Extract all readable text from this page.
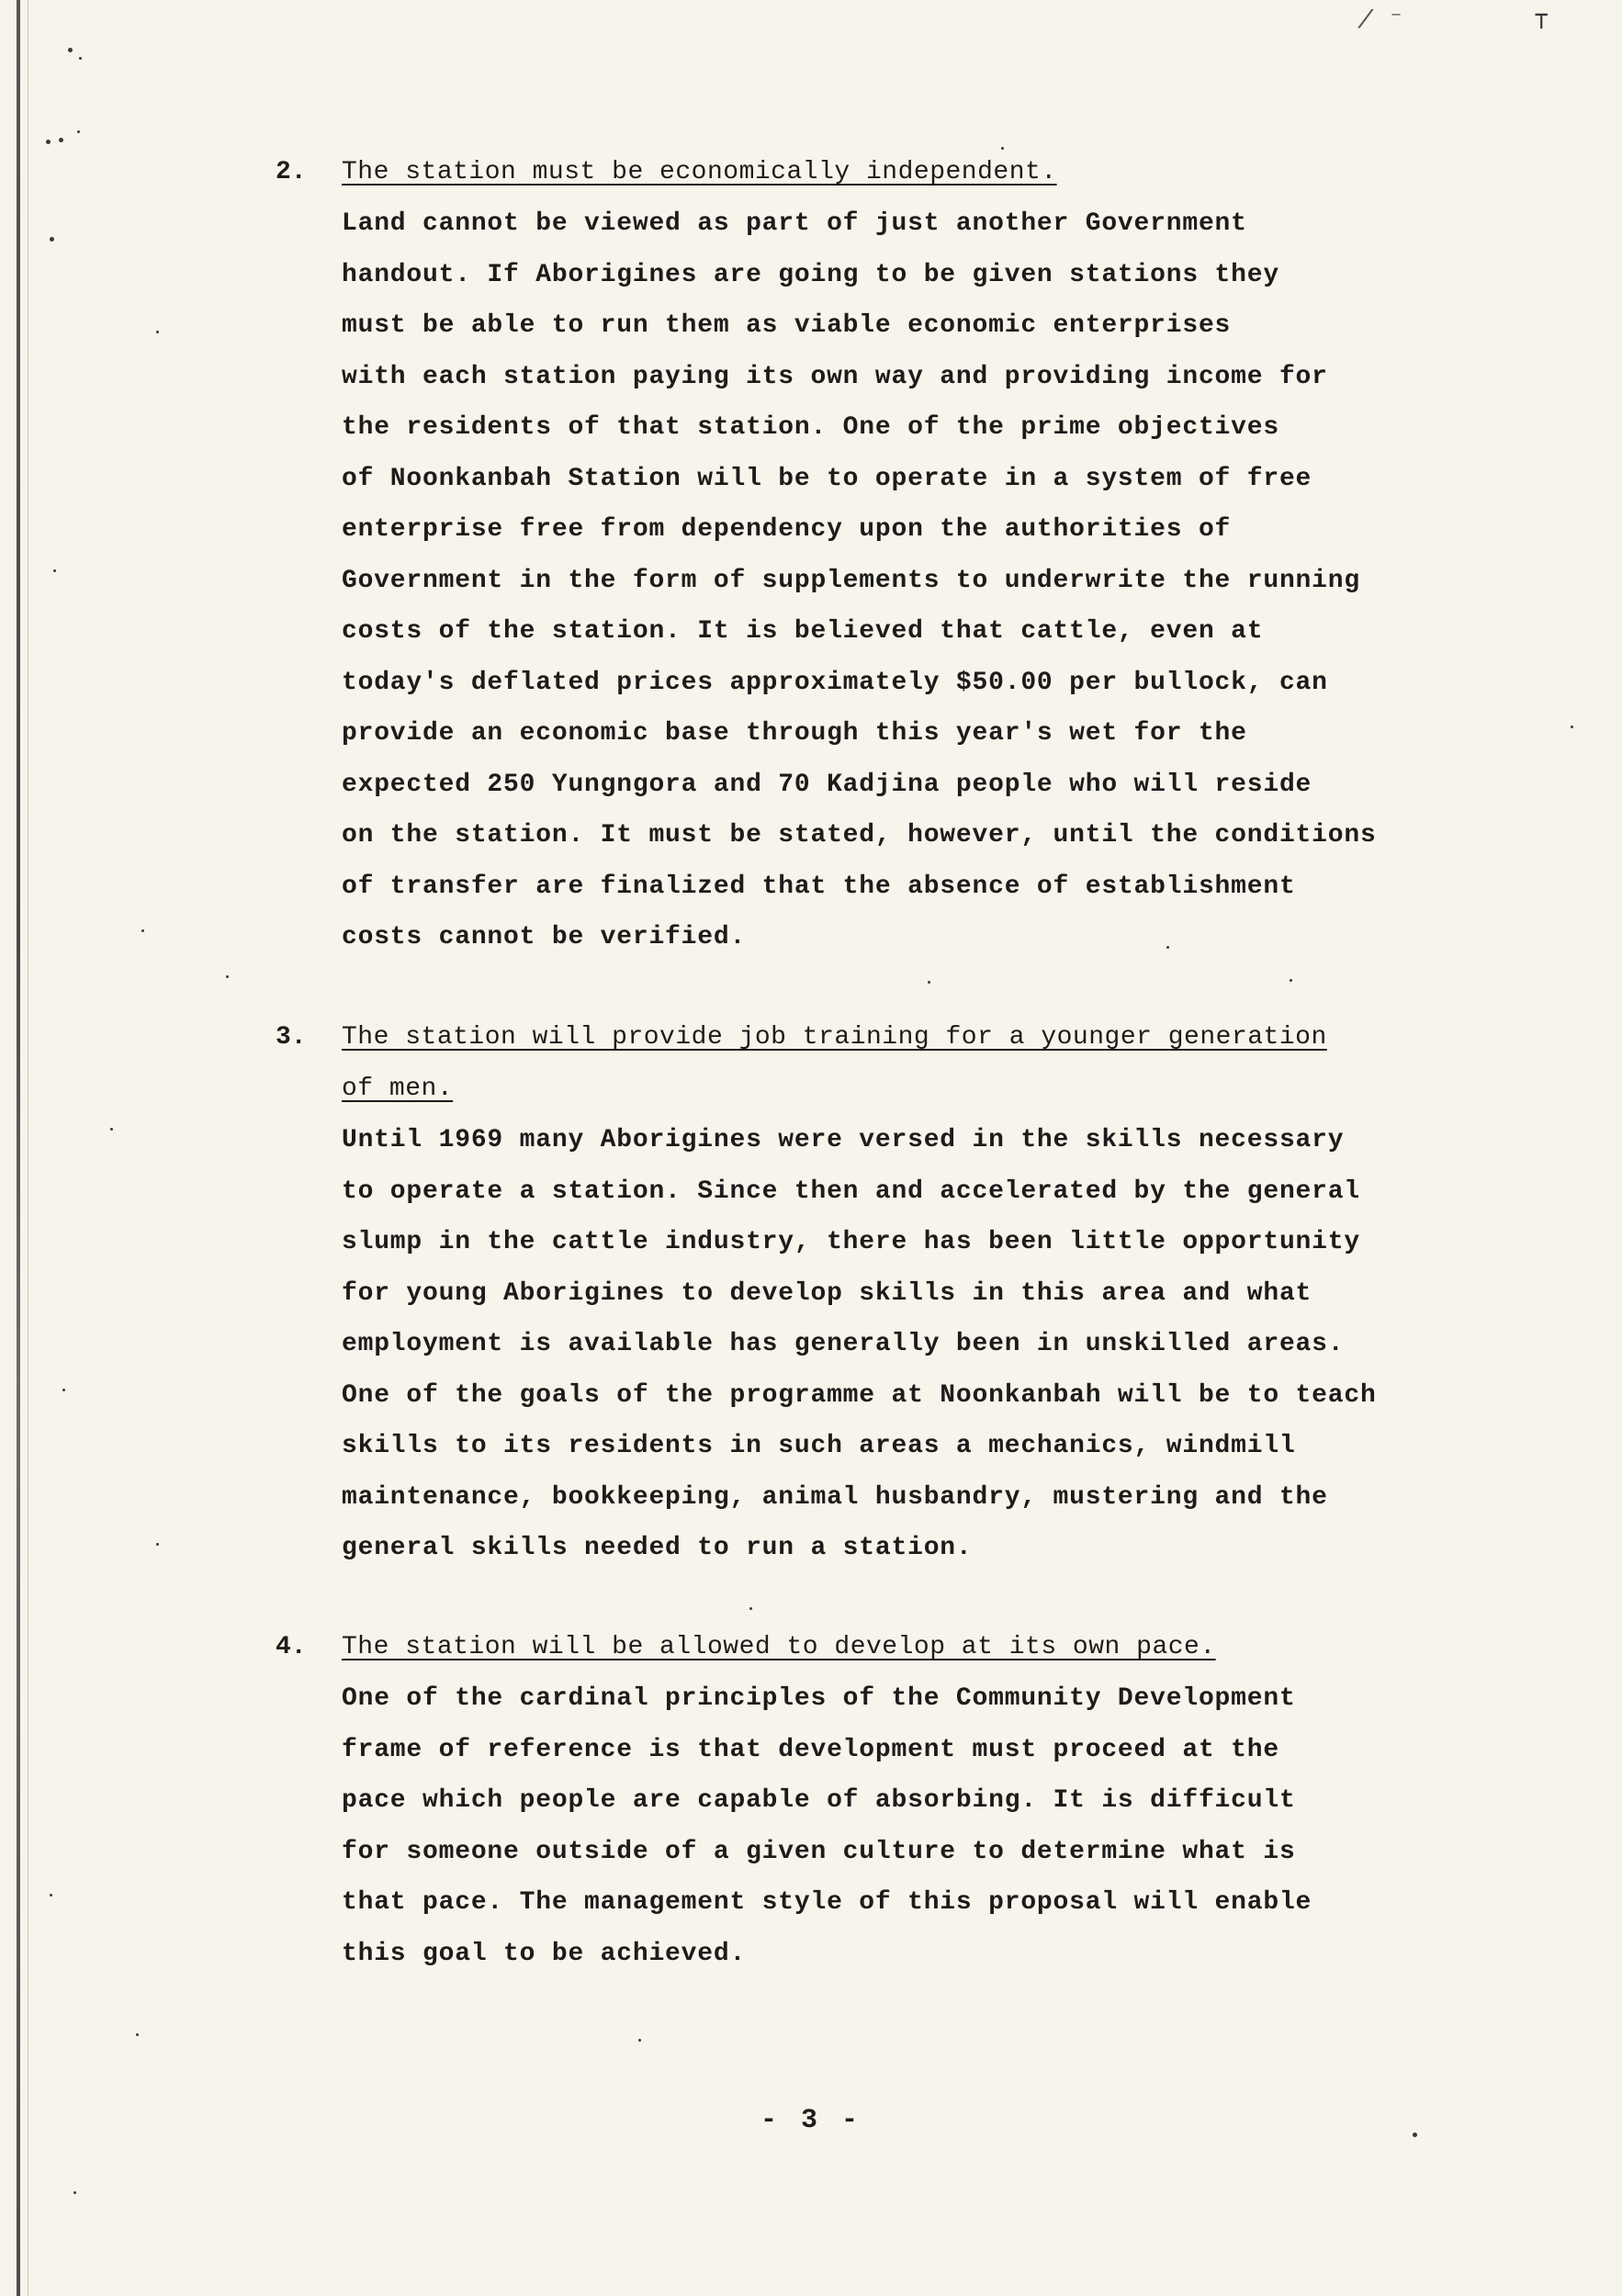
/ ⁻	⊤
2. The station must be economically independent.

Land cannot be viewed as part of just another Government

handout. If Aborigines are going to be given stations they

must be able to run them as viable economic enterprises

with each station paying its own way and providing income for

the residents of that station. One of the prime objectives

of Noonkanbah Station will be to operate in a system of free

enterprise free from dependency upon the authorities of

Government in the form of supplements to underwrite the running

costs of the station. It is believed that cattle, even at

today's deflated prices approximately $50.00 per bullock, can

provide an economic base through this year's wet for the

expected 250 Yungngora and 70 Kadjina people who will reside

on the station. It must be stated, however, until the conditions

of transfer are finalized that the absence of establishment

costs cannot be verified.

3. The station will provide job training for a younger generation

of men.

Until 1969 many Aborigines were versed in the skills necessary

to operate a station. Since then and accelerated by the general

slump in the cattle industry, there has been little opportunity

for young Aborigines to develop skills in this area and what

employment is available has generally been in unskilled areas.

One of the goals of the programme at Noonkanbah will be to teach

skills to its residents in such areas a mechanics, windmill

maintenance, bookkeeping, animal husbandry, mustering and the

general skills needed to run a station.

4. The station will be allowed to develop at its own pace.

One of the cardinal principles of the Community Development

frame of reference is that development must proceed at the

pace which people are capable of absorbing. It is difficult

for someone outside of a given culture to determine what is

that pace. The management style of this proposal will enable

this goal to be achieved.

- 3 -
